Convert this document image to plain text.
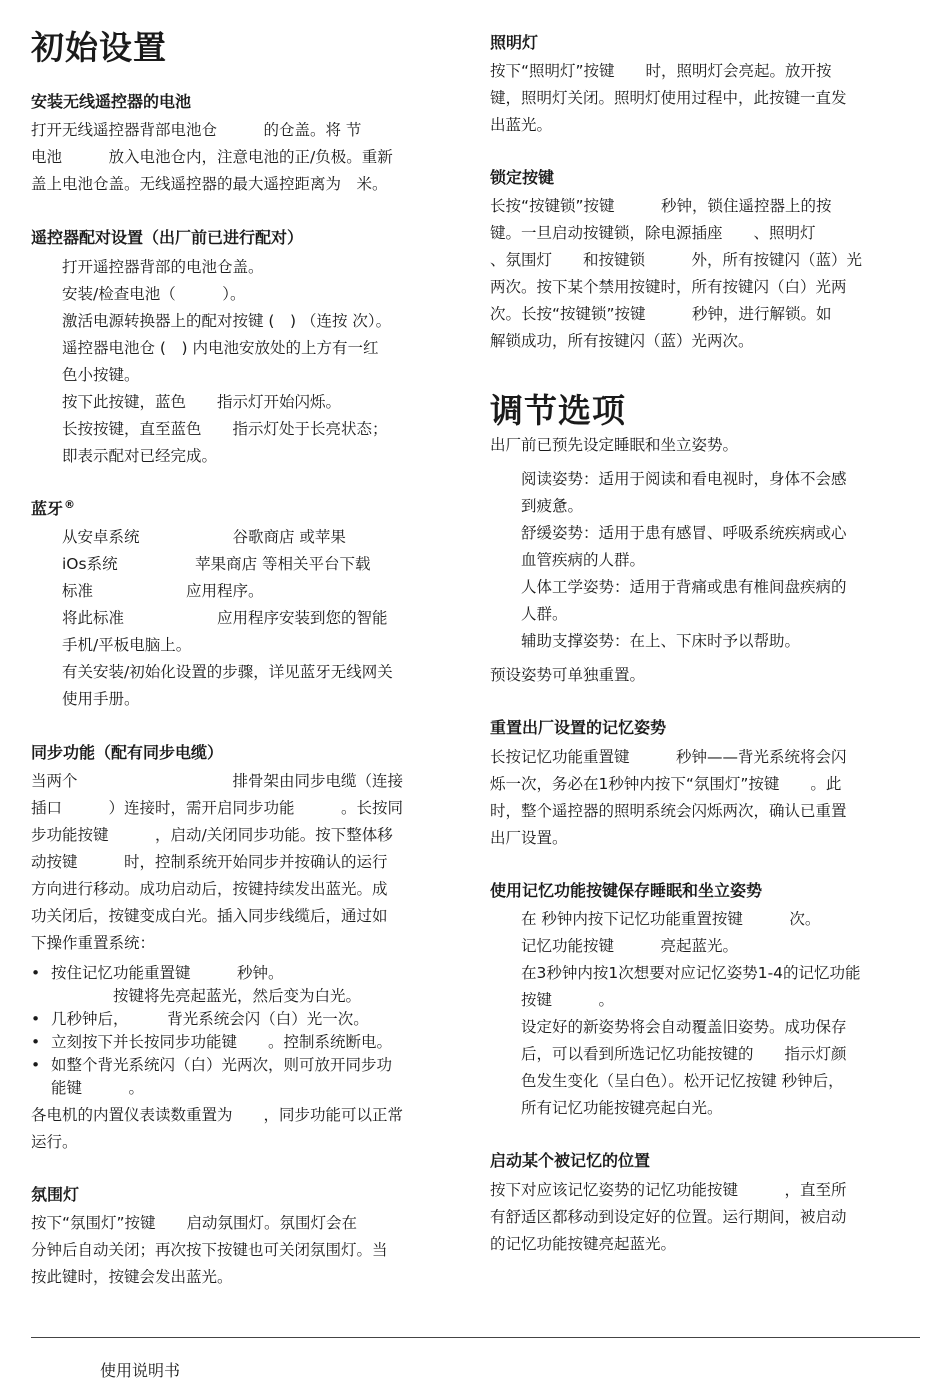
初始设置
安装无线遥控器的电池

打开无线遥控器背部电池仓　　　的仓盖。将 节

电池　　　放入电池仓内，注意电池的正/负极。重新

盖上电池仓盖。无线遥控器的最大遥控距离为　米。

遥控器配对设置（出厂前已进行配对）

打开遥控器背部的电池仓盖。

安装/检查电池（　　　）。

激活电源转换器上的配对按键 (　) （连按 次）。

遥控器电池仓 (　) 内电池安放处的上方有一红

色小按键。

按下此按键，蓝色　　指示灯开始闪烁。

长按按键，直至蓝色　　指示灯处于长亮状态；

即表示配对已经完成。

蓝牙®

从安卓系统　　　　　　谷歌商店 或苹果

iOs系统　　　　　苹果商店 等相关平台下载

标准　　　　　　应用程序。

将此标准　　　　　　应用程序安装到您的智能

手机/平板电脑上。

有关安装/初始化设置的步骤，详见蓝牙无线网关

使用手册。

同步功能（配有同步电缆）

当两个　　　　　　　　　　排骨架由同步电缆（连接

插口　　　）连接时，需开启同步功能　　　。长按同

步功能按键　　　，启动/关闭同步功能。按下整体移

动按键　　　时，控制系统开始同步并按确认的运行

方向进行移动。成功启动后，按键持续发出蓝光。成

功关闭后，按键变成白光。插入同步线缆后，通过如

下操作重置系统：

• 按住记忆功能重置键　　　秒钟。

　　　　按键将先亮起蓝光，然后变为白光。

• 几秒钟后，　　　背光系统会闪（白）光一次。

• 立刻按下并长按同步功能键　　。控制系统断电。

• 如整个背光系统闪（白）光两次，则可放开同步功

能键　　　。

各电机的内置仪表读数重置为　　，同步功能可以正常

运行。

氛围灯

按下“氛围灯”按键　　启动氛围灯。氛围灯会在

分钟后自动关闭；再次按下按键也可关闭氛围灯。当

按此键时，按键会发出蓝光。

照明灯

按下“照明灯”按键　　时，照明灯会亮起。放开按

键，照明灯关闭。照明灯使用过程中，此按键一直发

出蓝光。

锁定按键

长按“按键锁”按键　　　秒钟，锁住遥控器上的按

键。一旦启动按键锁，除电源插座　　、照明灯

、氛围灯　　和按键锁　　　外，所有按键闪（蓝）光

两次。按下某个禁用按键时，所有按键闪（白）光两

次。长按“按键锁”按键　　　秒钟，进行解锁。如

解锁成功，所有按键闪（蓝）光两次。

调节选项

出厂前已预先设定睡眠和坐立姿势。

阅读姿势：适用于阅读和看电视时，身体不会感

到疲惫。

舒缓姿势：适用于患有感冒、呼吸系统疾病或心

血管疾病的人群。

人体工学姿势：适用于背痛或患有椎间盘疾病的

人群。

辅助支撑姿势：在上、下床时予以帮助。

预设姿势可单独重置。

重置出厂设置的记忆姿势

长按记忆功能重置键　　　秒钟——背光系统将会闪

烁一次，务必在1秒钟内按下“氛围灯”按键　　。此

时，整个遥控器的照明系统会闪烁两次，确认已重置

出厂设置。

使用记忆功能按键保存睡眠和坐立姿势

在 秒钟内按下记忆功能重置按键　　　次。

记忆功能按键　　　亮起蓝光。

在3秒钟内按1次想要对应记忆姿势1-4的记忆功能

按键　　　。

设定好的新姿势将会自动覆盖旧姿势。成功保存

后，可以看到所选记忆功能按键的　　指示灯颜

色发生变化（呈白色）。松开记忆按键 秒钟后，

所有记忆功能按键亮起白光。

启动某个被记忆的位置

按下对应该记忆姿势的记忆功能按键　　　，直至所

有舒适区都移动到设定好的位置。运行期间，被启动

的记忆功能按键亮起蓝光。

使用说明书
